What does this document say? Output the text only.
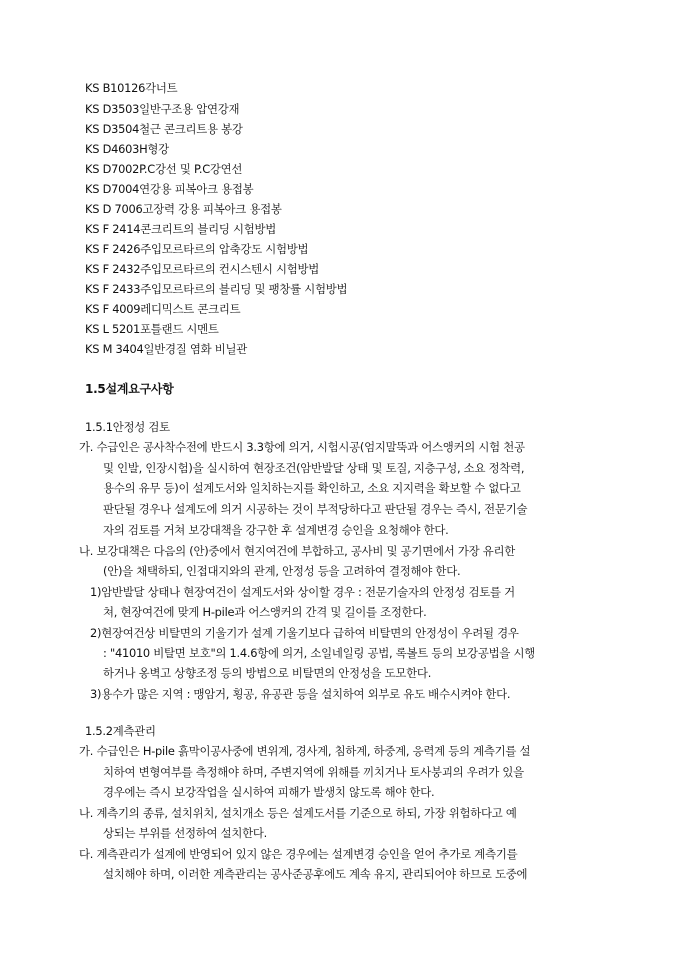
KS B10126각너트
KS D3503일반구조용 압연강재
KS D3504철근 콘크리트용 봉강
KS D4603H형강
KS D7002P.C강선 및 P.C강연선
KS D7004연강용 피복아크 용접봉
KS D 7006고장력 강용 피복아크 용접봉
KS F 2414콘크리트의 블리딩 시험방법
KS F 2426주입모르타르의 압축강도 시험방법
KS F 2432주입모르타르의 컨시스텐시 시험방법
KS F 2433주입모르타르의 블리딩 및 팽창률 시험방법
KS F 4009레디믹스트 콘크리트
KS L 5201포틀랜드 시멘트
KS M 3404일반경질 염화 비닐관
1.5설계요구사항
1.5.1안정성 검토
가. 수급인은 공사착수전에 반드시 3.3항에 의거, 시험시공(엄지말뚝과 어스앵커의 시험 천공
및 인발, 인장시험)을 실시하여 현장조건(암반발달 상태 및 토질, 지층구성, 소요 정착력,
용수의 유무 등)이 설계도서와 일치하는지를 확인하고, 소요 지지력을 확보할 수 없다고
판단될 경우나 설계도에 의거 시공하는 것이 부적당하다고 판단될 경우는 즉시, 전문기술
자의 검토를 거쳐 보강대책을 강구한 후 설계변경 승인을 요청해야 한다.
나. 보강대책은 다음의 (안)중에서 현지여건에 부합하고, 공사비 및 공기면에서 가장 유리한
(안)을 채택하되, 인접대지와의 관계, 안정성 등을 고려하여 결정해야 한다.
1)암반발달 상태나 현장여건이 설계도서와 상이할 경우 : 전문기술자의 안정성 검토를 거
쳐, 현장여건에 맞게 H-pile과 어스앵커의 간격 및 길이를 조정한다.
2)현장여건상 비탈면의 기울기가 설계 기울기보다 급하여 비탈면의 안정성이 우려될 경우
: "41010 비탈면 보호"의 1.4.6항에 의거, 소일네일링 공법, 록볼트 등의 보강공법을 시행
하거나 옹벽고 상향조정 등의 방법으로 비탈면의 안정성을 도모한다.
3)용수가 많은 지역 : 맹암거, 횡공, 유공관 등을 설치하여 외부로 유도 배수시켜야 한다.
1.5.2계측관리
가. 수급인은 H-pile 흙막이공사중에 변위계, 경사계, 침하계, 하중계, 응력계 등의 계측기를 설
치하여 변형여부를 측정해야 하며, 주변지역에 위해를 끼치거나 토사붕괴의 우려가 있을
경우에는 즉시 보강작업을 실시하여 피해가 발생치 않도록 해야 한다.
나. 계측기의 종류, 설치위치, 설치개소 등은 설계도서를 기준으로 하되, 가장 위험하다고 예
상되는 부위를 선정하여 설치한다.
다. 계측관리가 설계에 반영되어 있지 않은 경우에는 설계변경 승인을 얻어 추가로 계측기를
설치해야 하며, 이러한 계측관리는 공사준공후에도 계속 유지, 관리되어야 하므로 도중에
